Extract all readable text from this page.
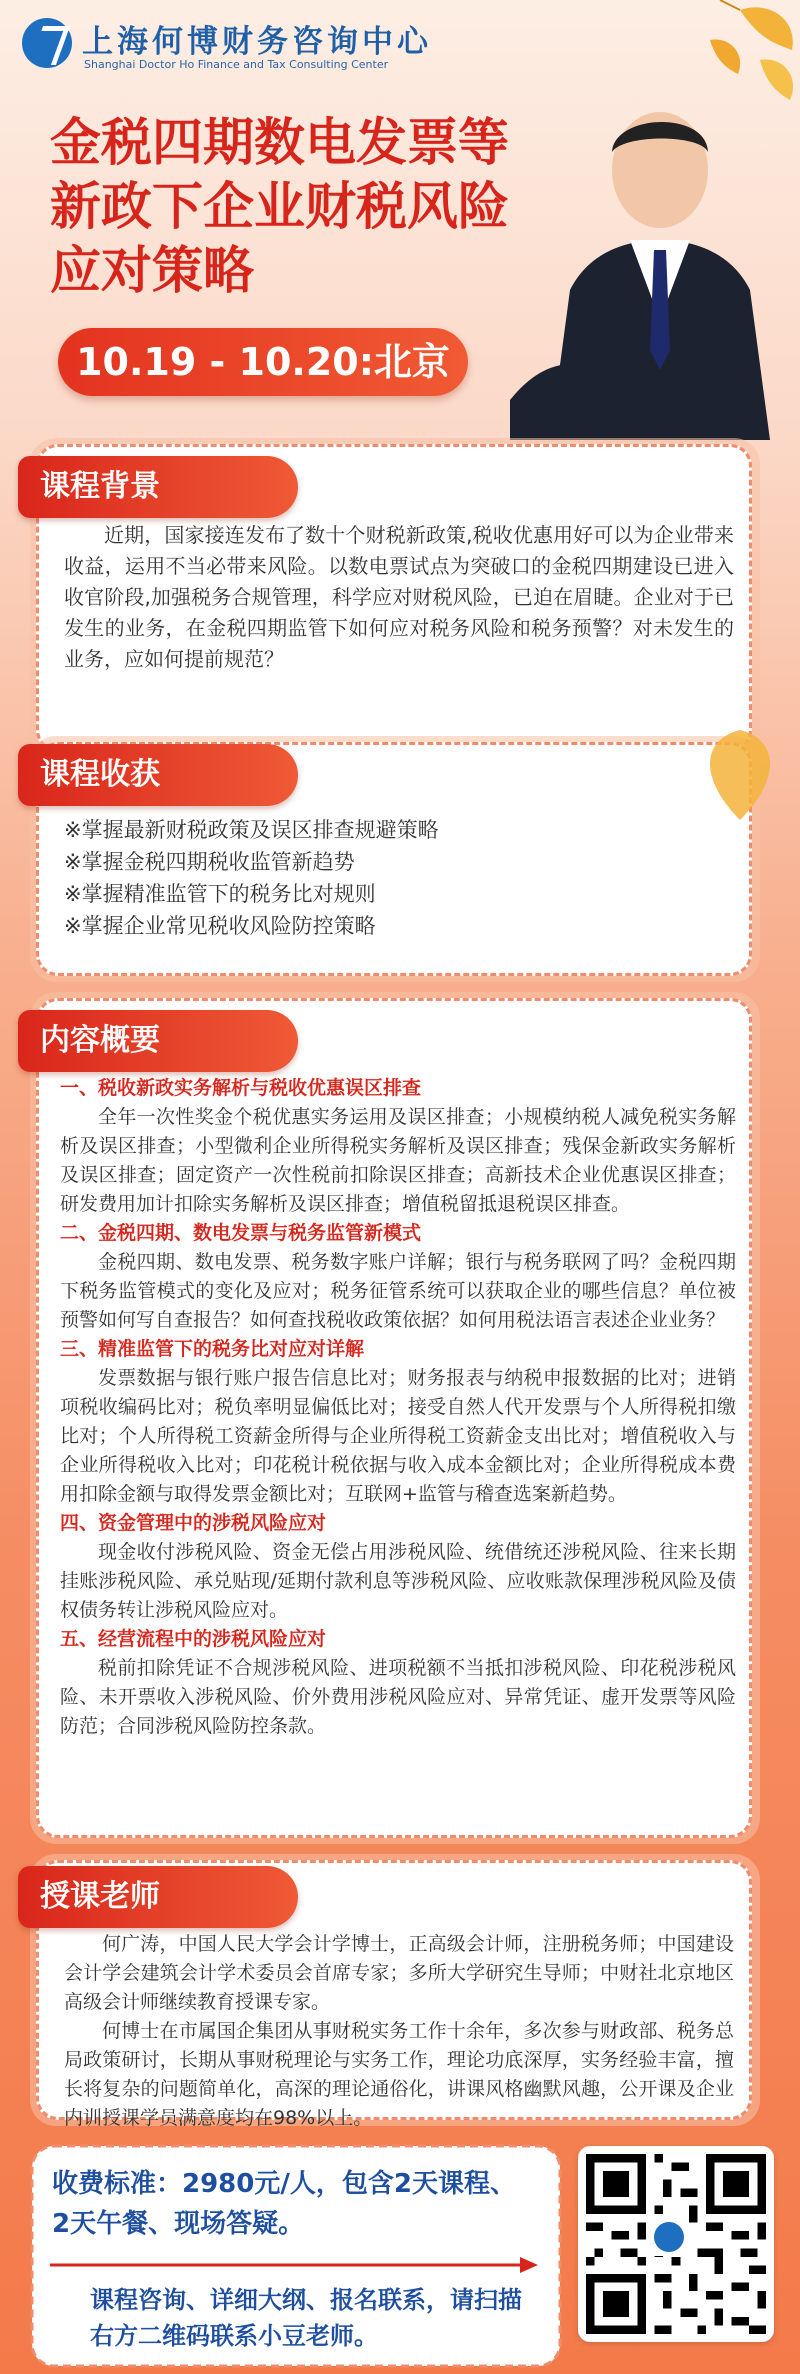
上海何博财务咨询中心
Shanghai Doctor Ho Finance and Tax Consulting Center
金税四期数电发票等
新政下企业财税风险
应对策略
10.19 - 10.20:北京
课程背景

近期，国家接连发布了数十个财税新政策,税收优惠用好可以为企业带来收益，运用不当必带来风险。以数电票试点为突破口的金税四期建设已进入收官阶段,加强税务合规管理，科学应对财税风险，已迫在眉睫。企业对于已发生的业务，在金税四期监管下如何应对税务风险和税务预警？对未发生的业务，应如何提前规范？

课程收获
※掌握最新财税政策及误区排查规避策略
※掌握金税四期税收监管新趋势
※掌握精准监管下的税务比对规则
※掌握企业常见税收风险防控策略
内容概要
一、税收新政实务解析与税收优惠误区排查
全年一次性奖金个税优惠实务运用及误区排查；小规模纳税人减免税实务解析及误区排查；小型微利企业所得税实务解析及误区排查；残保金新政实务解析及误区排查；固定资产一次性税前扣除误区排查；高新技术企业优惠误区排查；研发费用加计扣除实务解析及误区排查；增值税留抵退税误区排查。
二、金税四期、数电发票与税务监管新模式
金税四期、数电发票、税务数字账户详解；银行与税务联网了吗？金税四期下税务监管模式的变化及应对；税务征管系统可以获取企业的哪些信息？单位被预警如何写自查报告？如何查找税收政策依据？如何用税法语言表述企业业务？
三、精准监管下的税务比对应对详解
发票数据与银行账户报告信息比对；财务报表与纳税申报数据的比对；进销项税收编码比对；税负率明显偏低比对；接受自然人代开发票与个人所得税扣缴比对；个人所得税工资薪金所得与企业所得税工资薪金支出比对；增值税收入与企业所得税收入比对；印花税计税依据与收入成本金额比对；企业所得税成本费用扣除金额与取得发票金额比对；互联网+监管与稽查选案新趋势。
四、资金管理中的涉税风险应对
现金收付涉税风险、资金无偿占用涉税风险、统借统还涉税风险、往来长期挂账涉税风险、承兑贴现/延期付款利息等涉税风险、应收账款保理涉税风险及债权债务转让涉税风险应对。
五、经营流程中的涉税风险应对
税前扣除凭证不合规涉税风险、进项税额不当抵扣涉税风险、印花税涉税风险、未开票收入涉税风险、价外费用涉税风险应对、异常凭证、虚开发票等风险防范；合同涉税风险防控条款。
授课老师

何广涛，中国人民大学会计学博士，正高级会计师，注册税务师；中国建设会计学会建筑会计学术委员会首席专家；多所大学研究生导师；中财社北京地区高级会计师继续教育授课专家。

何博士在市属国企集团从事财税实务工作十余年，多次参与财政部、税务总局政策研讨，长期从事财税理论与实务工作，理论功底深厚，实务经验丰富，擅长将复杂的问题简单化，高深的理论通俗化，讲课风格幽默风趣，公开课及企业内训授课学员满意度均在98%以上。

收费标准：2980元/人，包含2天课程、2天午餐、现场答疑。
课程咨询、详细大纲、报名联系，请扫描右方二维码联系小豆老师。
